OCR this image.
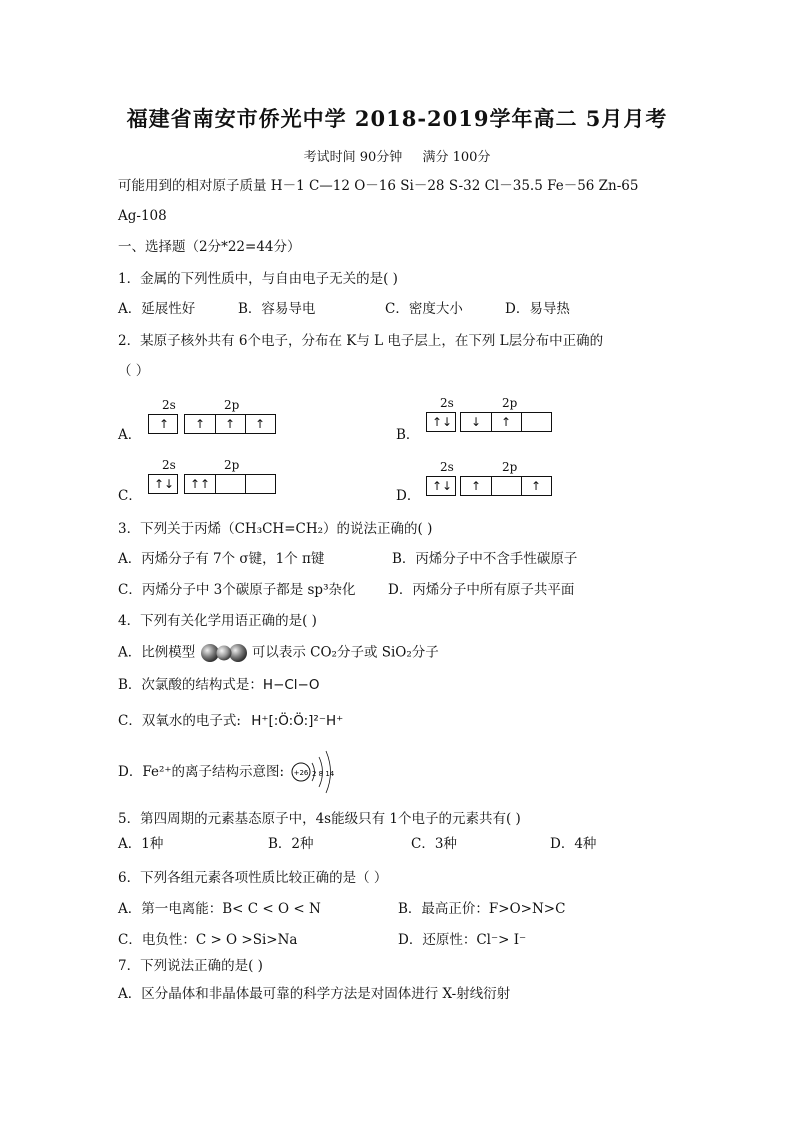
福建省南安市侨光中学 2018-2019学年高二 5月月考
考试时间 90分钟 满分 100分
可能用到的相对原子质量 H－1 C—12 O－16 Si－28 S-32 Cl－35.5 Fe－56 Zn-65
Ag-108
一、选择题（2分*22=44分）
1．金属的下列性质中，与自由电子无关的是( )
A．延展性好	B．容易导电	C．密度大小	D．易导热
2．某原子核外共有 6个电子，分布在 K与 L 电子层上，在下列 L层分布中正确的
（ ）
A．
2s	2p
↑	↑	↑	↑
B．
2s	2p
↑↓	↓	↑
C．
2s	2p
↑↓	↑↑
D．
2s	2p
↑↓	↑	↑
3．下列关于丙烯（CH₃CH=CH₂）的说法正确的( )
A．丙烯分子有 7个 σ键，1个 π键	B．丙烯分子中不含手性碳原子
C．丙烯分子中 3个碳原子都是 sp³杂化 D．丙烯分子中所有原子共平面
4．下列有关化学用语正确的是( )
A．比例模型	可以表示 CO₂分子或 SiO₂分子
B．次氯酸的结构式是：H−Cl−O
C．双氧水的电子式: H⁺[:Ö:Ö:]²⁻H⁺
D．Fe²⁺的离子结构示意图: +26 2 8 14
5．第四周期的元素基态原子中，4s能级只有 1个电子的元素共有( )
A．1种	B．2种	C．3种	D．4种
6．下列各组元素各项性质比较正确的是（ ）
A．第一电离能：B< C < O < N	B．最高正价：F>O>N>C
C．电负性：C > O >Si>Na	D．还原性：Cl⁻> I⁻
7．下列说法正确的是( )
A．区分晶体和非晶体最可靠的科学方法是对固体进行 X-射线衍射
